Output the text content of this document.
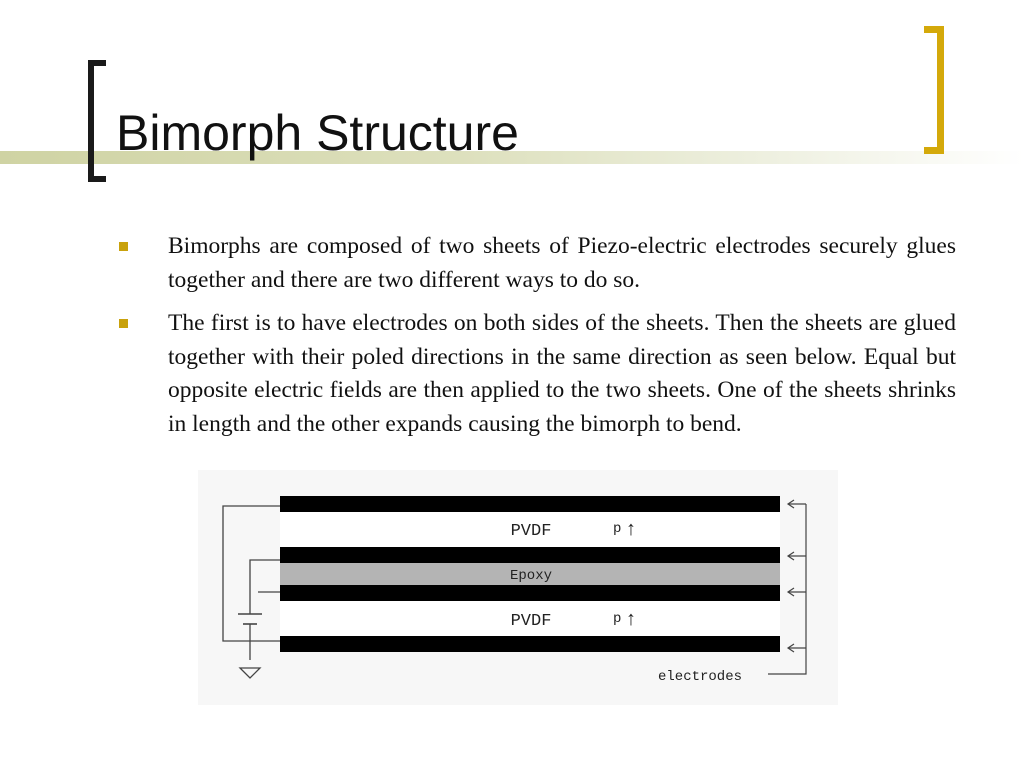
Bimorph Structure
Bimorphs are composed of two sheets of Piezo-electric electrodes securely glues together and there are two different ways to do so.
The first is to have electrodes on both sides of the sheets. Then the sheets are glued together with their poled directions in the same direction as seen below. Equal but opposite electric fields are then applied to the two sheets. One of the sheets shrinks in length and the other expands causing the bimorph to bend.
PVDF
Epoxy
PVDF
p ↑
p ↑
electrodes
